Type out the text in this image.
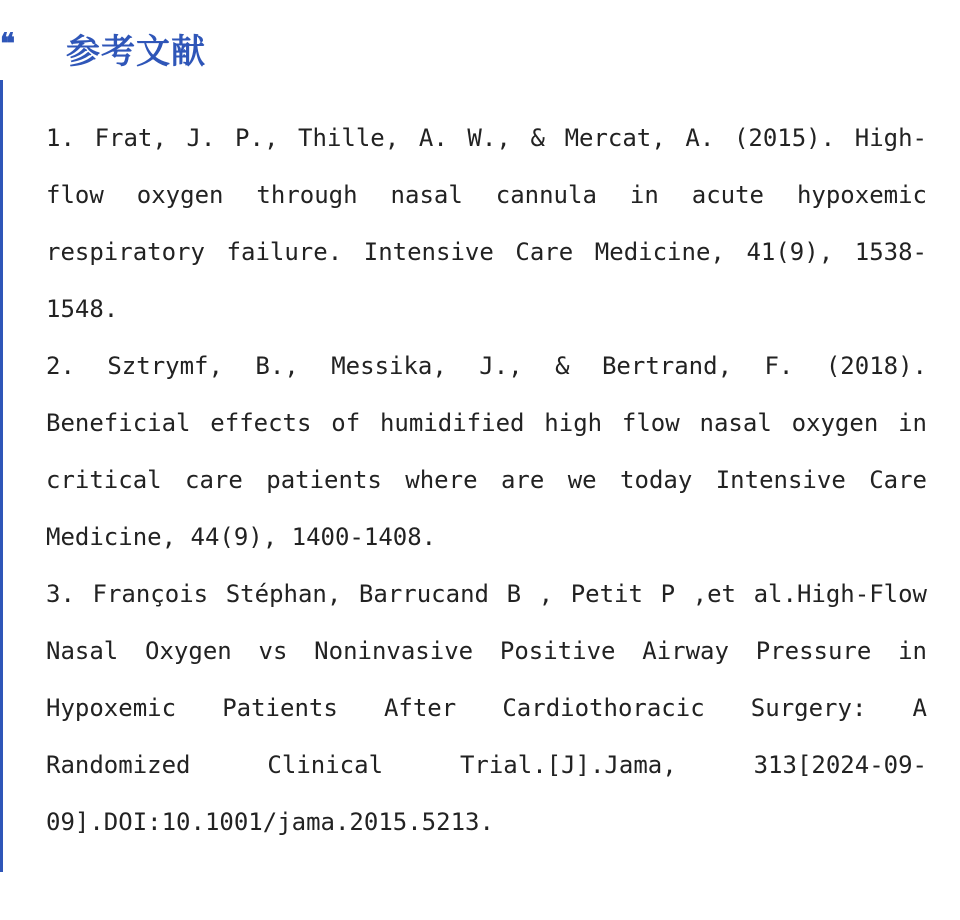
❝ 参考文献

1. Frat, J. P., Thille, A. W., & Mercat, A. (2015). High-flow oxygen through nasal cannula in acute hypoxemic respiratory failure. Intensive Care Medicine, 41(9), 1538-1548.

2. Sztrymf, B., Messika, J., & Bertrand, F. (2018). Beneficial effects of humidified high flow nasal oxygen in critical care patients where are we today Intensive Care Medicine, 44(9), 1400-1408.

3. François Stéphan, Barrucand B , Petit P ,et al.High-Flow Nasal Oxygen vs Noninvasive Positive Airway Pressure in Hypoxemic Patients After Cardiothoracic Surgery: A Randomized Clinical Trial.[J].Jama, 313[2024-09-09].DOI:10.1001/jama.2015.5213.
